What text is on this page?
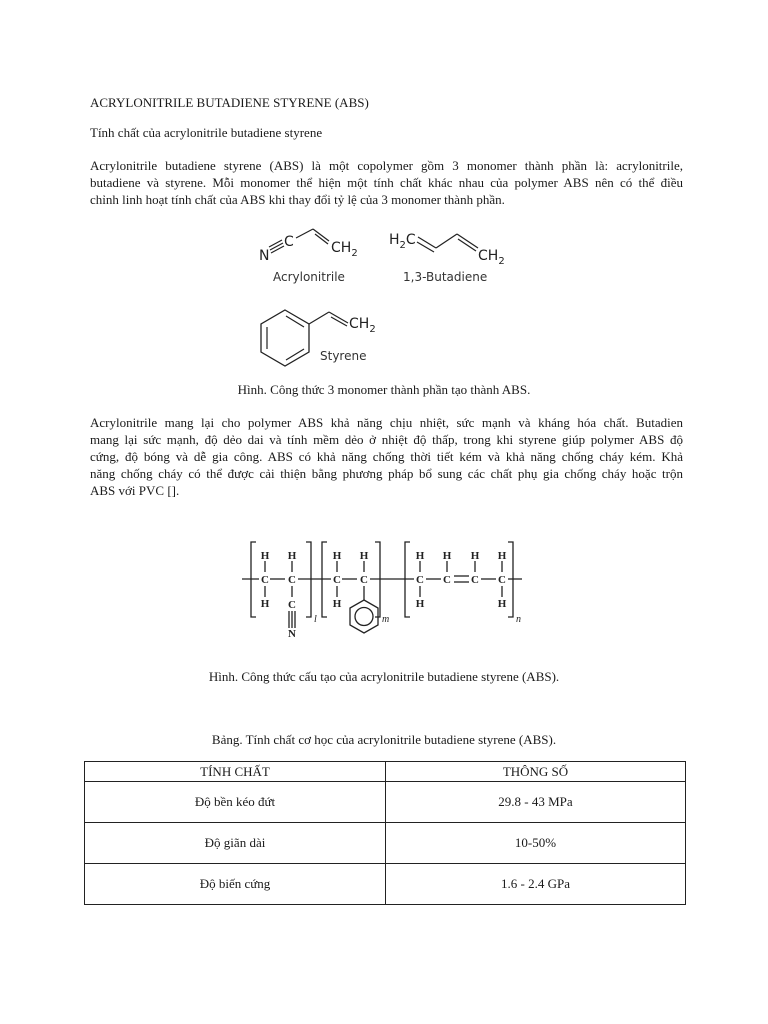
ACRYLONITRILE BUTADIENE STYRENE (ABS)
Tính chất của acrylonitrile butadiene styrene
Acrylonitrile butadiene styrene (ABS) là một copolymer gồm 3 monomer thành phần là: acrylonitrile,
butadiene và styrene. Mỗi monomer thể hiện một tính chất khác nhau của polymer ABS nên có thể điều
chỉnh linh hoạt tính chất của ABS khi thay đổi tỷ lệ của 3 monomer thành phần.
N
C	$CH_2$
Acrylonitrile
$H_2C$
$CH_2$
1,3-Butadiene
$CH_2$
Styrene
Hình. Công thức 3 monomer thành phần tạo thành ABS.
Acrylonitrile mang lại cho polymer ABS khả năng chịu nhiệt, sức mạnh và kháng hóa chất. Butadien
mang lại sức mạnh, độ dẻo dai và tính mềm dẻo ở nhiệt độ thấp, trong khi styrene giúp polymer ABS độ
cứng, độ bóng và dễ gia công. ABS có khả năng chống thời tiết kém và khả năng chống cháy kém. Khả
năng chống cháy có thể được cải thiện bằng phương pháp bổ sung các chất phụ gia chống cháy hoặc trộn
ABS với PVC [].
H
C
H
H
C
C
N
H
C
H
H
C
H
C
H
H
C
H
C
H
C
H
l	m	n
Hình. Công thức cấu tạo của acrylonitrile butadiene styrene (ABS).
Bảng. Tính chất cơ học của acrylonitrile butadiene styrene (ABS).
TÍNH CHẤT	THÔNG SỐ
Độ bền kéo đứt	29.8 - 43 MPa
Độ giãn dài	10-50%
Độ biến cứng	1.6 - 2.4 GPa
